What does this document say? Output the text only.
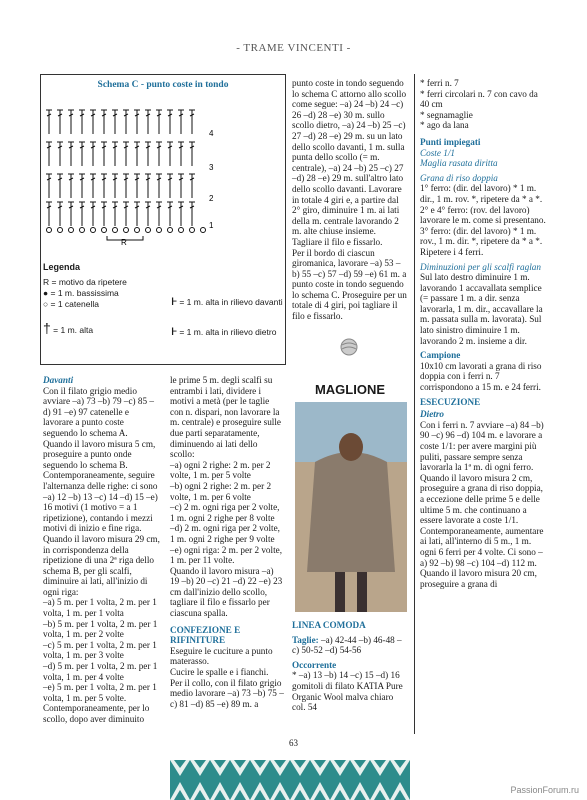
- TRAME VINCENTI -
Schema C - punto coste in tondo
4
3
2
1
R
Legenda
R = motivo da ripetere
● = 1 m. bassissima
○ = 1 catenella
† = 1 m. alta
ⱶ = 1 m. alta in rilievo davanti
ⱶ = 1 m. alta in rilievo dietro

Davanti

Con il filato grigio medio avviare –a) 73 –b) 79 –c) 85 –d) 91 –e) 97 catenelle e lavorare a punto coste seguendo lo schema A.

Quando il lavoro misura 5 cm, proseguire a punto onde seguendo lo schema B.

Contemporaneamente, seguire l'alternanza delle righe: ci sono –a) 12 –b) 13 –c) 14 –d) 15 –e) 16 motivi (1 motivo = a 1 ripetizione), contando i mezzi motivi di inizio e fine riga.

Quando il lavoro misura 29 cm, in corrispondenza della ripetizione di una 2ª riga dello schema B, per gli scalfi, diminuire ai lati, all'inizio di ogni riga:

–a) 5 m. per 1 volta, 2 m. per 1 volta, 1 m. per 1 volta

–b) 5 m. per 1 volta, 2 m. per 1 volta, 1 m. per 2 volte

–c) 5 m. per 1 volta, 2 m. per 1 volta, 1 m. per 3 volte

–d) 5 m. per 1 volta, 2 m. per 1 volta, 1 m. per 4 volte

–e) 5 m. per 1 volta, 2 m. per 1 volta, 1 m. per 5 volte.

Contemporaneamente, per lo scollo, dopo aver diminuito

le prime 5 m. degli scalfi su entrambi i lati, dividere i motivi a metà (per le taglie con n. dispari, non lavorare la m. centrale) e proseguire sulle due parti separatamente, diminuendo ai lati dello scollo:

–a) ogni 2 righe: 2 m. per 2 volte, 1 m. per 5 volte

–b) ogni 2 righe: 2 m. per 2 volte, 1 m. per 6 volte

–c) 2 m. ogni riga per 2 volte, 1 m. ogni 2 righe per 8 volte

–d) 2 m. ogni riga per 2 volte, 1 m. ogni 2 righe per 9 volte

–e) ogni riga: 2 m. per 2 volte, 1 m. per 11 volte.

Quando il lavoro misura –a) 19 –b) 20 –c) 21 –d) 22 –e) 23 cm dall'inizio dello scollo, tagliare il filo e fissarlo per ciascuna spalla.

CONFEZIONE E RIFINITURE

Eseguire le cuciture a punto materasso.

Cucire le spalle e i fianchi.

Per il collo, con il filato grigio medio lavorare –a) 73 –b) 75 –c) 81 –d) 85 –e) 89 m. a

punto coste in tondo seguendo lo schema C attorno allo scollo come segue: –a) 24 –b) 24 –c) 26 –d) 28 –e) 30 m. sullo scollo dietro, –a) 24 –b) 25 –c) 27 –d) 28 –e) 29 m. su un lato dello scollo davanti, 1 m. sulla punta dello scollo (= m. centrale), –a) 24 –b) 25 –c) 27 –d) 28 –e) 29 m. sull'altro lato dello scollo davanti. Lavorare in totale 4 giri e, a partire dal 2° giro, diminuire 1 m. ai lati della m. centrale lavorando 2 m. alte chiuse insieme. Tagliare il filo e fissarlo.

Per il bordo di ciascun giromanica, lavorare –a) 53 –b) 55 –c) 57 –d) 59 –e) 61 m. a punto coste in tondo seguendo lo schema C. Proseguire per un totale di 4 giri, poi tagliare il filo e fissarlo.

MAGLIONE

LINEA COMODA

Taglie: –a) 42-44 –b) 46-48 –c) 50-52 –d) 54-56

Occorrente

* –a) 13 –b) 14 –c) 15 –d) 16 gomitoli di filato KATIA Pure Organic Wool malva chiaro col. 54

* ferri n. 7

* ferri circolari n. 7 con cavo da 40 cm

* segnamaglie

* ago da lana

Punti impiegati

Coste 1/1

Maglia rasata diritta

Grana di riso doppia

1° ferro: (dir. del lavoro) * 1 m. dir., 1 m. rov. *, ripetere da * a *.

2° e 4° ferro: (rov. del lavoro) lavorare le m. come si presentano.

3° ferro: (dir. del lavoro) * 1 m. rov., 1 m. dir. *, ripetere da * a *.

Ripetere i 4 ferri.

Diminuzioni per gli scalfi raglan

Sul lato destro diminuire 1 m. lavorando 1 accavallata semplice (= passare 1 m. a dir. senza lavorarla, 1 m. dir., accavallare la m. passata sulla m. lavorata). Sul lato sinistro diminuire 1 m. lavorando 2 m. insieme a dir.

Campione

10x10 cm lavorati a grana di riso doppia con i ferri n. 7 corrispondono a 15 m. e 24 ferri.

ESECUZIONE

Dietro

Con i ferri n. 7 avviare –a) 84 –b) 90 –c) 96 –d) 104 m. e lavorare a coste 1/1: per avere margini più puliti, passare sempre senza lavorarla la 1ª m. di ogni ferro.

Quando il lavoro misura 2 cm, proseguire a grana di riso doppia, a eccezione delle prime 5 e delle ultime 5 m. che continuano a essere lavorate a coste 1/1. Contemporaneamente, aumentare ai lati, all'interno di 5 m., 1 m. ogni 6 ferri per 4 volte. Ci sono –a) 92 –b) 98 –c) 104 –d) 112 m.

Quando il lavoro misura 20 cm, proseguire a grana di

63
PassionForum.ru
